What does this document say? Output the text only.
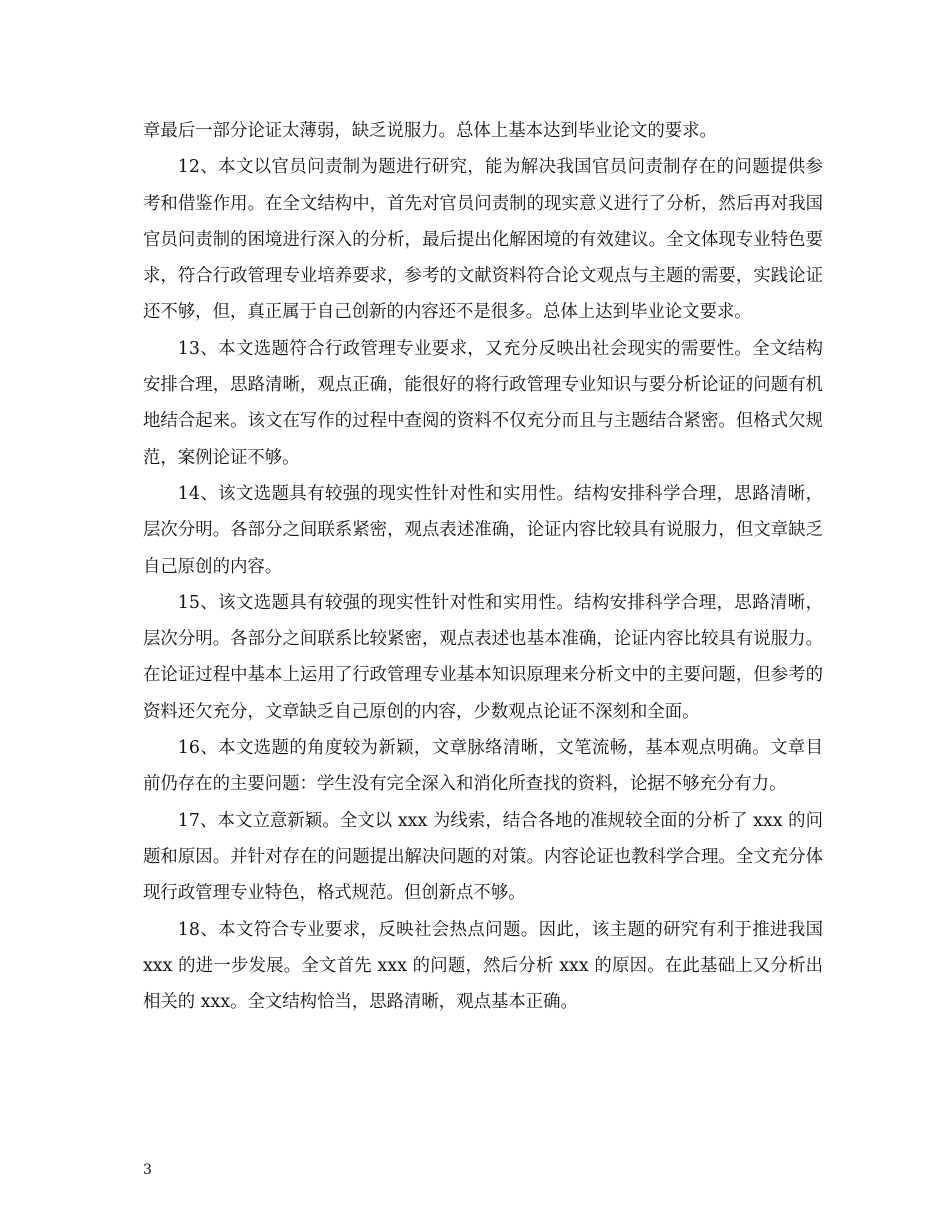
章最后一部分论证太薄弱，缺乏说服力。总体上基本达到毕业论文的要求。

12、本文以官员问责制为题进行研究，能为解决我国官员问责制存在的问题提供参考和借鉴作用。在全文结构中，首先对官员问责制的现实意义进行了分析，然后再对我国官员问责制的困境进行深入的分析，最后提出化解困境的有效建议。全文体现专业特色要求，符合行政管理专业培养要求，参考的文献资料符合论文观点与主题的需要，实践论证还不够，但，真正属于自己创新的内容还不是很多。总体上达到毕业论文要求。

13、本文选题符合行政管理专业要求，又充分反映出社会现实的需要性。全文结构安排合理，思路清晰，观点正确，能很好的将行政管理专业知识与要分析论证的问题有机地结合起来。该文在写作的过程中查阅的资料不仅充分而且与主题结合紧密。但格式欠规范，案例论证不够。

14、该文选题具有较强的现实性针对性和实用性。结构安排科学合理，思路清晰，层次分明。各部分之间联系紧密，观点表述准确，论证内容比较具有说服力，但文章缺乏自己原创的内容。

15、该文选题具有较强的现实性针对性和实用性。结构安排科学合理，思路清晰，层次分明。各部分之间联系比较紧密，观点表述也基本准确，论证内容比较具有说服力。在论证过程中基本上运用了行政管理专业基本知识原理来分析文中的主要问题，但参考的资料还欠充分，文章缺乏自己原创的内容，少数观点论证不深刻和全面。

16、本文选题的角度较为新颖，文章脉络清晰，文笔流畅，基本观点明确。文章目前仍存在的主要问题：学生没有完全深入和消化所查找的资料，论据不够充分有力。

17、本文立意新颖。全文以 xxx 为线索，结合各地的准规较全面的分析了 xxx 的问题和原因。并针对存在的问题提出解决问题的对策。内容论证也教科学合理。全文充分体现行政管理专业特色，格式规范。但创新点不够。

18、本文符合专业要求，反映社会热点问题。因此，该主题的研究有利于推进我国 xxx 的进一步发展。全文首先 xxx 的问题，然后分析 xxx 的原因。在此基础上又分析出相关的 xxx。全文结构恰当，思路清晰，观点基本正确。

3
